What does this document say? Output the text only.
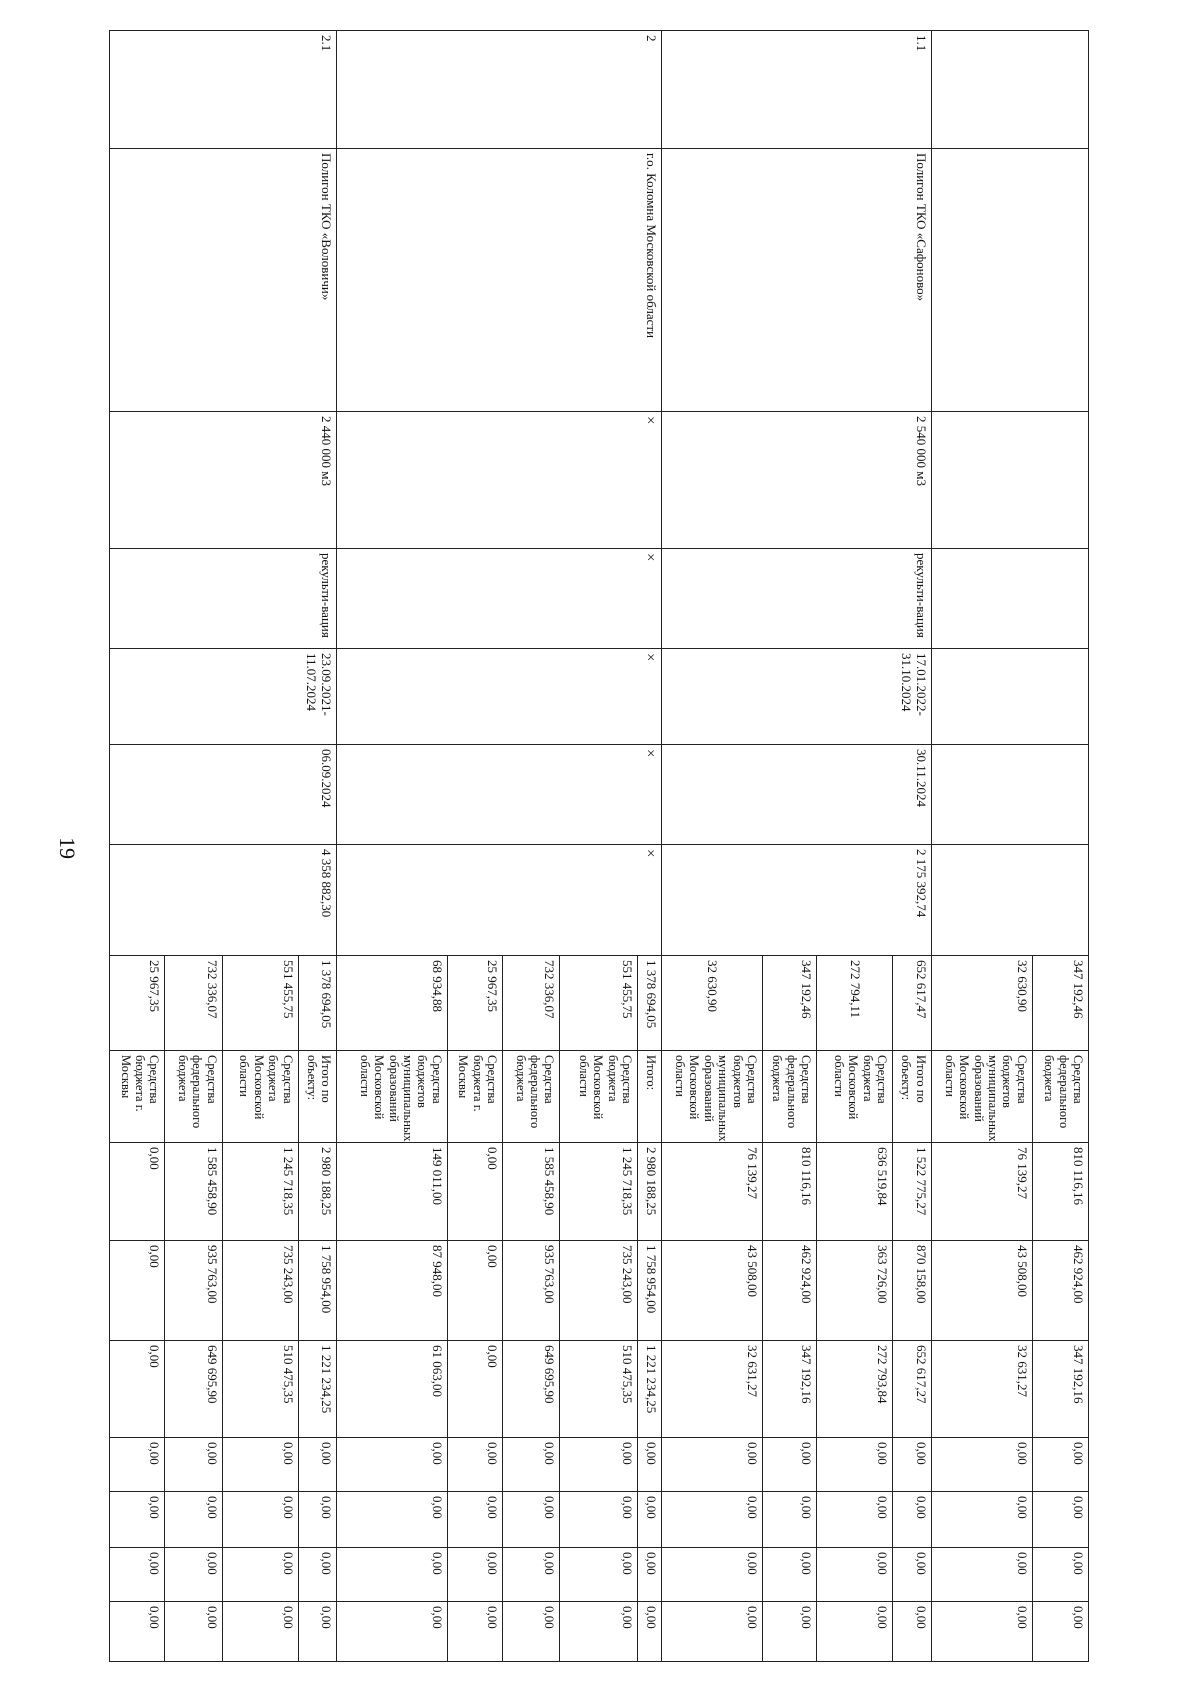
19
							347 192,46	Средства федерального бюджета	810 116,16	462 924,00	347 192,16	0,00	0,00	0,00	0,00
							32 630,90	Средства бюджетов муниципальных образований Московской области	76 139,27	43 508,00	32 631,27	0,00	0,00	0,00	0,00
1.1	Полигон ТКО «Сафоново»	2 540 000 м3	рекульти-вация	17.01.2022-31.10.2024	30.11.2024	2 175 392,74	652 617,47	Итого по объекту:	1 522 775,27	870 158,00	652 617,27	0,00	0,00	0,00	0,00
							272 794,11	Средства бюджета Московской области	636 519,84	363 726,00	272 793,84	0,00	0,00	0,00	0,00
							347 192,46	Средства федерального бюджета	810 116,16	462 924,00	347 192,16	0,00	0,00	0,00	0,00
							32 630,90	Средства бюджетов муниципальных образований Московской области	76 139,27	43 508,00	32 631,27	0,00	0,00	0,00	0,00
2	г.о. Коломна Московской области	×	×	×	×	×	1 378 694,05	Итого:	2 980 188,25	1 758 954,00	1 221 234,25	0,00	0,00	0,00	0,00
							551 455,75	Средства бюджета Московской области	1 245 718,35	735 243,00	510 475,35	0,00	0,00	0,00	0,00
							732 336,07	Средства федерального бюджета	1 585 458,90	935 763,00	649 695,90	0,00	0,00	0,00	0,00
							25 967,35	Средства бюджета г. Москвы	0,00	0,00	0,00	0,00	0,00	0,00	0,00
							68 934,88	Средства бюджетов муниципальных образований Московской области	149 011,00	87 948,00	61 063,00	0,00	0,00	0,00	0,00
2.1	Полигон ТКО «Воловичи»	2 440 000 м3	рекульти-вация	23.09.2021-11.07.2024	06.09.2024	4 358 882,30	1 378 694,05	Итого по объекту:	2 980 188,25	1 758 954,00	1 221 234,25	0,00	0,00	0,00	0,00
							551 455,75	Средства бюджета Московской области	1 245 718,35	735 243,00	510 475,35	0,00	0,00	0,00	0,00
							732 336,07	Средства федерального бюджета	1 585 458,90	935 763,00	649 695,90	0,00	0,00	0,00	0,00
							25 967,35	Средства бюджета г. Москвы	0,00	0,00	0,00	0,00	0,00	0,00	0,00
